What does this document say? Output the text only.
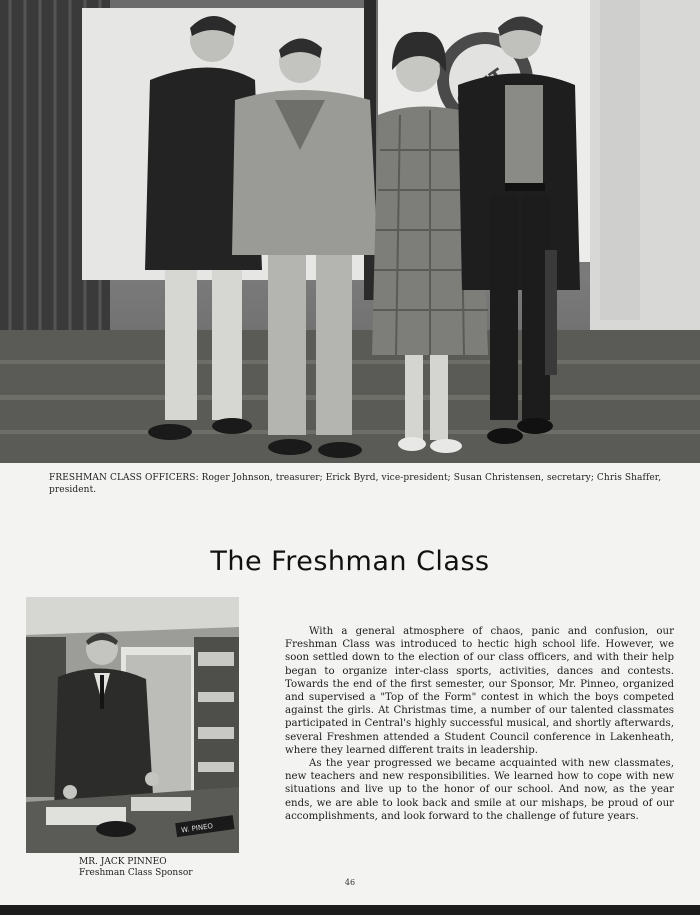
FRESHMAN CLASS OFFICERS: Roger Johnson, treasurer; Erick Byrd, vice-president; Susan Christensen, secretary; Chris Shaffer, president.
The Freshman Class
W. PINEO
MR. JACK PINNEO
Freshman Class Sponsor

With a general atmosphere of chaos, panic and confusion, our Freshman Class was introduced to hectic high school life. However, we soon settled down to the election of our class officers, and with their help began to organize inter-class sports, activities, dances and contests. Towards the end of the first semester, our Sponsor, Mr. Pinneo, organized and supervised a "Top of the Form" contest in which the boys competed against the girls. At Christmas time, a number of our talented classmates participated in Central's highly successful musical, and shortly afterwards, several Freshmen attended a Student Council conference in Lakenheath, where they learned different traits in leadership.

As the year progressed we became acquainted with new classmates, new teachers and new responsibilities. We learned how to cope with new situations and live up to the honor of our school. And now, as the year ends, we are able to look back and smile at our mishaps, be proud of our accomplishments, and look forward to the challenge of future years.

46
